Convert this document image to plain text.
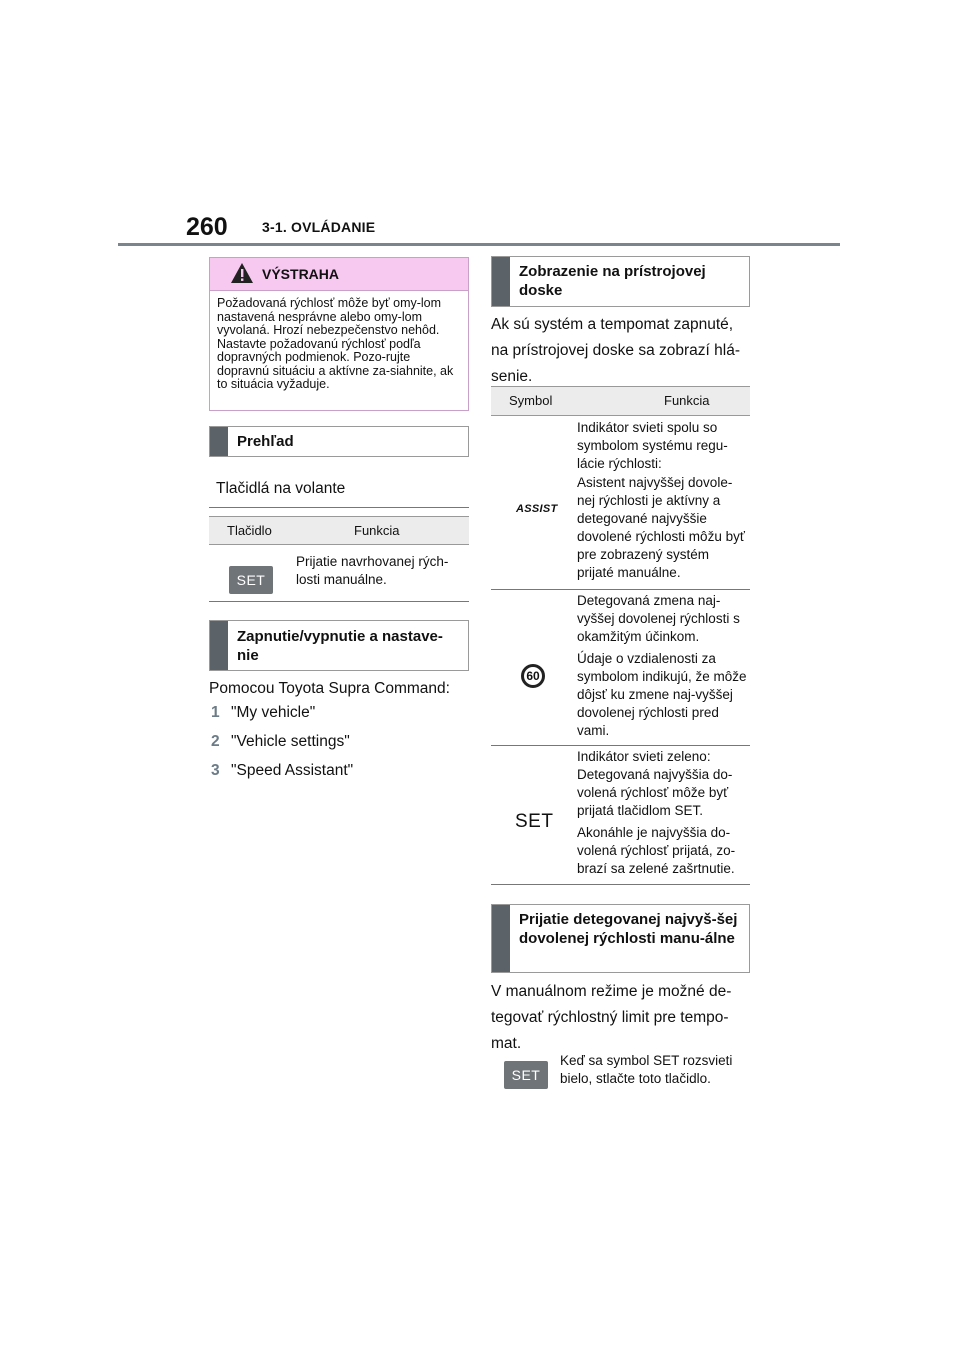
260 3-1. OVLÁDANIE
VÝSTRAHA
Požadovaná rýchlosť môže byť omy-lom nastavená nesprávne alebo omy-lom vyvolaná. Hrozí nebezpečenstvo nehôd. Nastavte požadovanú rýchlosť podľa dopravných podmienok. Pozo-rujte dopravnú situáciu a aktívne za-siahnite, ak to situácia vyžaduje.
Prehľad
Tlačidlá na volante
Tlačidlo	Funkcia
SET
Prijatie navrhovanej rých-losti manuálne.
Zapnutie/vypnutie a nastave-nie
Pomocou Toyota Supra Command:
1 "My vehicle"
2 "Vehicle settings"
3 "Speed Assistant"
Zobrazenie na prístrojovej doske
Ak sú systém a tempomat zapnuté, na prístrojovej doske sa zobrazí hlá-senie.
Symbol	Funkcia
ASSIST
Indikátor svieti spolu so symbolom systému regu-lácie rýchlosti:
Asistent najvyššej dovole-nej rýchlosti je aktívny a detegované najvyššie dovolené rýchlosti môžu byť pre zobrazený systém prijaté manuálne.
60
Detegovaná zmena naj-vyššej dovolenej rýchlosti s okamžitým účinkom.
Údaje o vzdialenosti za symbolom indikujú, že môže dôjsť ku zmene naj-vyššej dovolenej rýchlosti pred vami.
SET
Indikátor svieti zeleno: Detegovaná najvyššia do-volená rýchlosť môže byť prijatá tlačidlom SET.
Akonáhle je najvyššia do-volená rýchlosť prijatá, zo-brazí sa zelené zašrtnutie.
Prijatie detegovanej najvyš-šej dovolenej rýchlosti manu-álne
V manuálnom režime je možné de-tegovať rýchlostný limit pre tempo-mat.
SET
Keď sa symbol SET rozsvieti bielo, stlačte toto tlačidlo.
